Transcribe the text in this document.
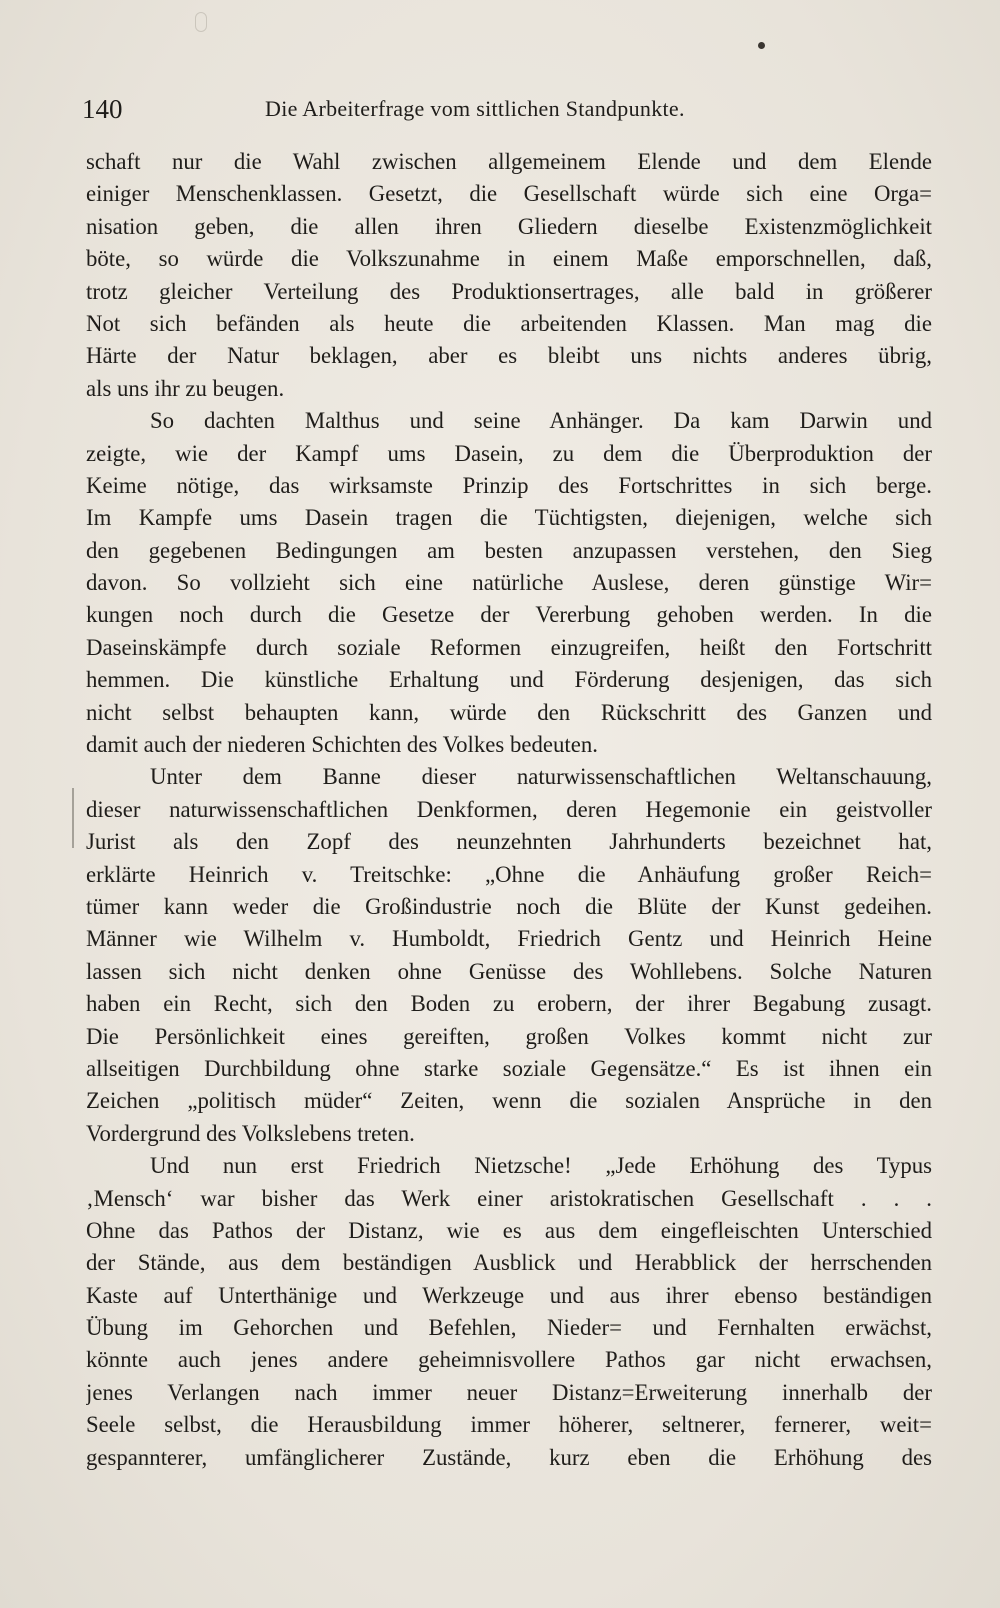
140	Die Arbeiterfrage vom sittlichen Standpunkte.
schaft nur die Wahl zwischen allgemeinem Elende und dem Elende
einiger Menschenklassen. Gesetzt, die Gesellschaft würde sich eine Orga=
nisation geben, die allen ihren Gliedern dieselbe Existenzmöglichkeit
böte, so würde die Volkszunahme in einem Maße emporschnellen, daß,
trotz gleicher Verteilung des Produktionsertrages, alle bald in größerer
Not sich befänden als heute die arbeitenden Klassen. Man mag die
Härte der Natur beklagen, aber es bleibt uns nichts anderes übrig,
als uns ihr zu beugen.
So dachten Malthus und seine Anhänger. Da kam Darwin und
zeigte, wie der Kampf ums Dasein, zu dem die Überproduktion der
Keime nötige, das wirksamste Prinzip des Fortschrittes in sich berge.
Im Kampfe ums Dasein tragen die Tüchtigsten, diejenigen, welche sich
den gegebenen Bedingungen am besten anzupassen verstehen, den Sieg
davon. So vollzieht sich eine natürliche Auslese, deren günstige Wir=
kungen noch durch die Gesetze der Vererbung gehoben werden. In die
Daseinskämpfe durch soziale Reformen einzugreifen, heißt den Fortschritt
hemmen. Die künstliche Erhaltung und Förderung desjenigen, das sich
nicht selbst behaupten kann, würde den Rückschritt des Ganzen und
damit auch der niederen Schichten des Volkes bedeuten.
Unter dem Banne dieser naturwissenschaftlichen Weltanschauung,
dieser naturwissenschaftlichen Denkformen, deren Hegemonie ein geistvoller
Jurist als den Zopf des neunzehnten Jahrhunderts bezeichnet hat,
erklärte Heinrich v. Treitschke: „Ohne die Anhäufung großer Reich=
tümer kann weder die Großindustrie noch die Blüte der Kunst gedeihen.
Männer wie Wilhelm v. Humboldt, Friedrich Gentz und Heinrich Heine
lassen sich nicht denken ohne Genüsse des Wohllebens. Solche Naturen
haben ein Recht, sich den Boden zu erobern, der ihrer Begabung zusagt.
Die Persönlichkeit eines gereiften, großen Volkes kommt nicht zur
allseitigen Durchbildung ohne starke soziale Gegensätze.“ Es ist ihnen ein
Zeichen „politisch müder“ Zeiten, wenn die sozialen Ansprüche in den
Vordergrund des Volkslebens treten.
Und nun erst Friedrich Nietzsche! „Jede Erhöhung des Typus
‚Mensch‘ war bisher das Werk einer aristokratischen Gesellschaft . . .
Ohne das Pathos der Distanz, wie es aus dem eingefleischten Unterschied
der Stände, aus dem beständigen Ausblick und Herabblick der herrschenden
Kaste auf Unterthänige und Werkzeuge und aus ihrer ebenso beständigen
Übung im Gehorchen und Befehlen, Nieder= und Fernhalten erwächst,
könnte auch jenes andere geheimnisvollere Pathos gar nicht erwachsen,
jenes Verlangen nach immer neuer Distanz=Erweiterung innerhalb der
Seele selbst, die Herausbildung immer höherer, seltnerer, fernerer, weit=
gespannterer, umfänglicherer Zustände, kurz eben die Erhöhung des
